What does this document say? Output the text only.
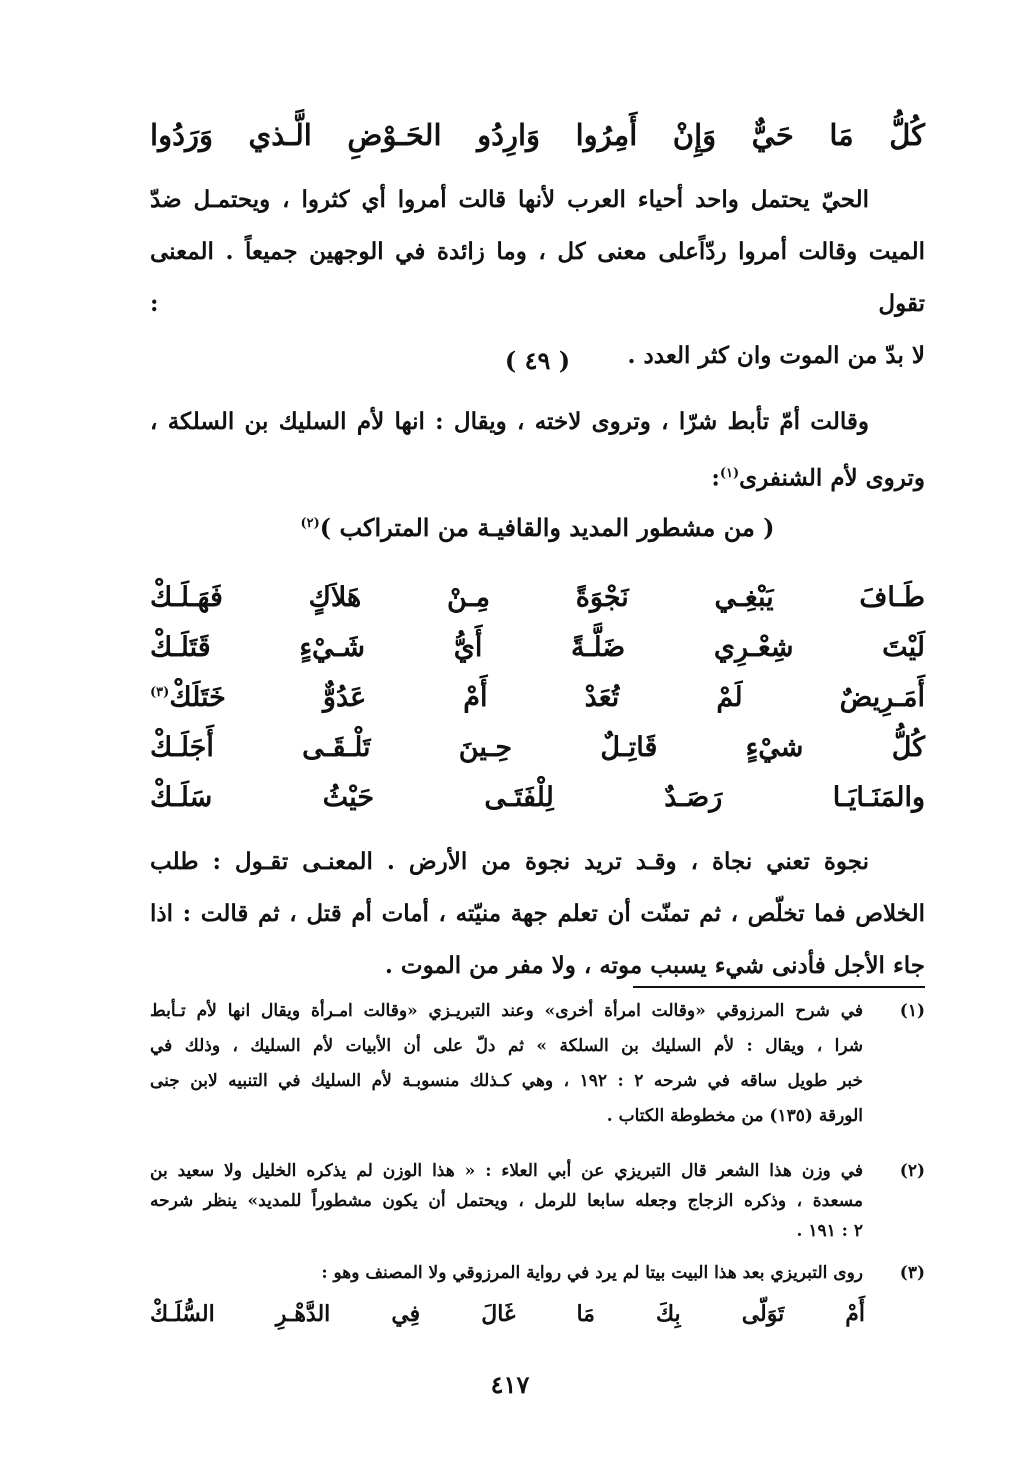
كُلُّ
مَا
حَيٌّ
وَإِنْ
أَمِرُوا
وَارِدُو
الحَـوْضِ
الَّـذي
وَرَدُوا

الحيّ يحتمل واحد أحياء العرب لأنها قالت أمروا أي كثروا ، ويحتمـل ضدّ

الميت وقالت أمروا ردّاًعلى معنى كل ، وما زائدة في الوجهين جميعاً . المعنى تقول :

لا بدّ من الموت وان كثر العدد .

( ٤٩ )

وقالت أمّ تأبط شرّا ، وتروى لاخته ، ويقال : انها لأم السليك بن السلكة ،

وتروى لأم الشنفرى$^{(١)}$:

( من مشطور المديد والقافيـة من المتراكب )$^{(٢)}$
طَـافَ
يَبْغِـي
نَجْوَةً
مِـنْ
هَلاَكٍ
فَهَـلَـكْ
لَيْتَ
شِعْـرِي
ضَلَّـةً
أَيُّ
شَـيْءٍ
قَتَلَـكْ
أَمَـرِيضٌ
لَمْ
تُعَدْ
أَمْ
عَدُوٌّ
خَتَلَكْ$^{(٣)}$
كُلُّ
شيْءٍ
قَاتِـلٌ
حِـينَ
تَلْـقَـى
أَجَلَـكْ
والمَنَـايَـا
رَصَـدٌ
لِلْفَتَـى
حَيْثُ
سَلَـكْ

نجوة تعني نجاة ، وقـد تريد نجوة من الأرض . المعنـى تقـول : طلب

الخلاص فما تخلّص ، ثم تمنّت أن تعلم جهة منيّته ، أمات أم قتل ، ثم قالت : اذا

جاء الأجل فأدنى شيء يسبب موته ، ولا مفر من الموت .

(١)

في شرح المرزوقي «وقالت امرأة أخرى» وعند التبريـزي «وقالت امـرأة ويقال انها لأم تـأبط

شرا ، ويقال : لأم السليك بن السلكة » ثم دلّ على أن الأبيات لأم السليك ، وذلك في

خبر طويل ساقه في شرحه ٢ : ١٩٢ ، وهي كـذلك منسوبـة لأم السليك في التنبيه لابن جنى

الورقة (١٣٥) من مخطوطة الكتاب .

(٢)

في وزن هذا الشعر قال التبريزي عن أبي العلاء : « هذا الوزن لم يذكره الخليل ولا سعيد بن

مسعدة ، وذكره الزجاج وجعله سابعا للرمل ، ويحتمل أن يكون مشطوراً للمديد» ينظر شرحه

٢ : ١٩١ .

(٣)

روى التبريزي بعد هذا البيت بيتا لم يرد في رواية المرزوقي ولا المصنف وهو :

أَمْ
تَوَلّى
بِكَ
مَا
غَالَ
فِي
الدَّهْـرِ
السُّلَـكْ
٤١٧
